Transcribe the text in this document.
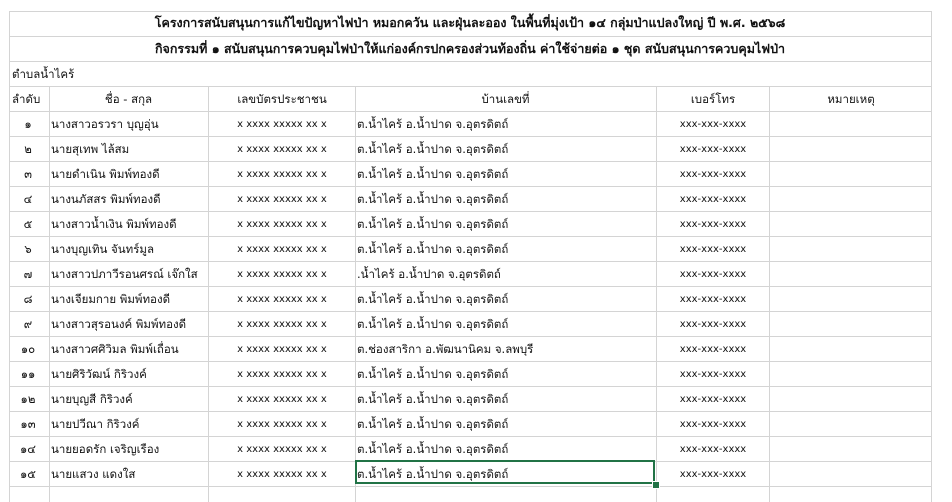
โครงการสนับสนุนการแก้ไขปัญหาไฟป่า หมอกควัน และฝุ่นละออง ในพื้นที่มุ่งเป้า ๑๔ กลุ่มป่าแปลงใหญ่ ปี พ.ศ. ๒๕๖๘
กิจกรรมที่ ๑ สนับสนุนการควบคุมไฟป่าให้แก่องค์กรปกครองส่วนท้องถิ่น ค่าใช้จ่ายต่อ ๑ ชุด สนับสนุนการควบคุมไฟป่า
ตำบลน้ำไคร้
ลำดับ	ชื่อ - สกุล	เลขบัตรประชาชน	บ้านเลขที่	เบอร์โทร	หมายเหตุ
๑	นางสาวอรวรา บุญอุ่น	x xxxx xxxxx xx x	ต.น้ำไคร้ อ.น้ำปาด จ.อุตรดิตถ์	xxx-xxx-xxxx
๒	นายสุเทพ ไล้สม	x xxxx xxxxx xx x	ต.น้ำไคร้ อ.น้ำปาด จ.อุตรดิตถ์	xxx-xxx-xxxx
๓	นายดำเนิน พิมพ์ทองดี	x xxxx xxxxx xx x	ต.น้ำไคร้ อ.น้ำปาด จ.อุตรดิตถ์	xxx-xxx-xxxx
๔	นางนภัสสร พิมพ์ทองดี	x xxxx xxxxx xx x	ต.น้ำไคร้ อ.น้ำปาด จ.อุตรดิตถ์	xxx-xxx-xxxx
๕	นางสาวน้ำเงิน พิมพ์ทองดี	x xxxx xxxxx xx x	ต.น้ำไคร้ อ.น้ำปาด จ.อุตรดิตถ์	xxx-xxx-xxxx
๖	นางบุญเทิน จันทร์มูล	x xxxx xxxxx xx x	ต.น้ำไคร้ อ.น้ำปาด จ.อุตรดิตถ์	xxx-xxx-xxxx
๗	นางสาวปภาวีรอนศรณ์ เจ๊กใส	x xxxx xxxxx xx x	.น้ำไคร้ อ.น้ำปาด จ.อุตรดิตถ์	xxx-xxx-xxxx
๘	นางเจียมกาย พิมพ์ทองดี	x xxxx xxxxx xx x	ต.น้ำไคร้ อ.น้ำปาด จ.อุตรดิตถ์	xxx-xxx-xxxx
๙	นางสาวสุรอนงค์ พิมพ์ทองดี	x xxxx xxxxx xx x	ต.น้ำไคร้ อ.น้ำปาด จ.อุตรดิตถ์	xxx-xxx-xxxx
๑๐	นางสาวศศิวิมล พิมพ์เถื่อน	x xxxx xxxxx xx x	ต.ช่องสาริกา อ.พัฒนานิคม จ.ลพบุรี	xxx-xxx-xxxx
๑๑	นายศิริวัฒน์ กิริวงค์	x xxxx xxxxx xx x	ต.น้ำไคร้ อ.น้ำปาด จ.อุตรดิตถ์	xxx-xxx-xxxx
๑๒	นายบุญสี กิริวงค์	x xxxx xxxxx xx x	ต.น้ำไคร้ อ.น้ำปาด จ.อุตรดิตถ์	xxx-xxx-xxxx
๑๓	นายปวีณา กิริวงค์	x xxxx xxxxx xx x	ต.น้ำไคร้ อ.น้ำปาด จ.อุตรดิตถ์	xxx-xxx-xxxx
๑๔	นายยอดรัก เจริญเรือง	x xxxx xxxxx xx x	ต.น้ำไคร้ อ.น้ำปาด จ.อุตรดิตถ์	xxx-xxx-xxxx
๑๕	นายแสวง แดงใส	x xxxx xxxxx xx x	ต.น้ำไคร้ อ.น้ำปาด จ.อุตรดิตถ์	xxx-xxx-xxxx
